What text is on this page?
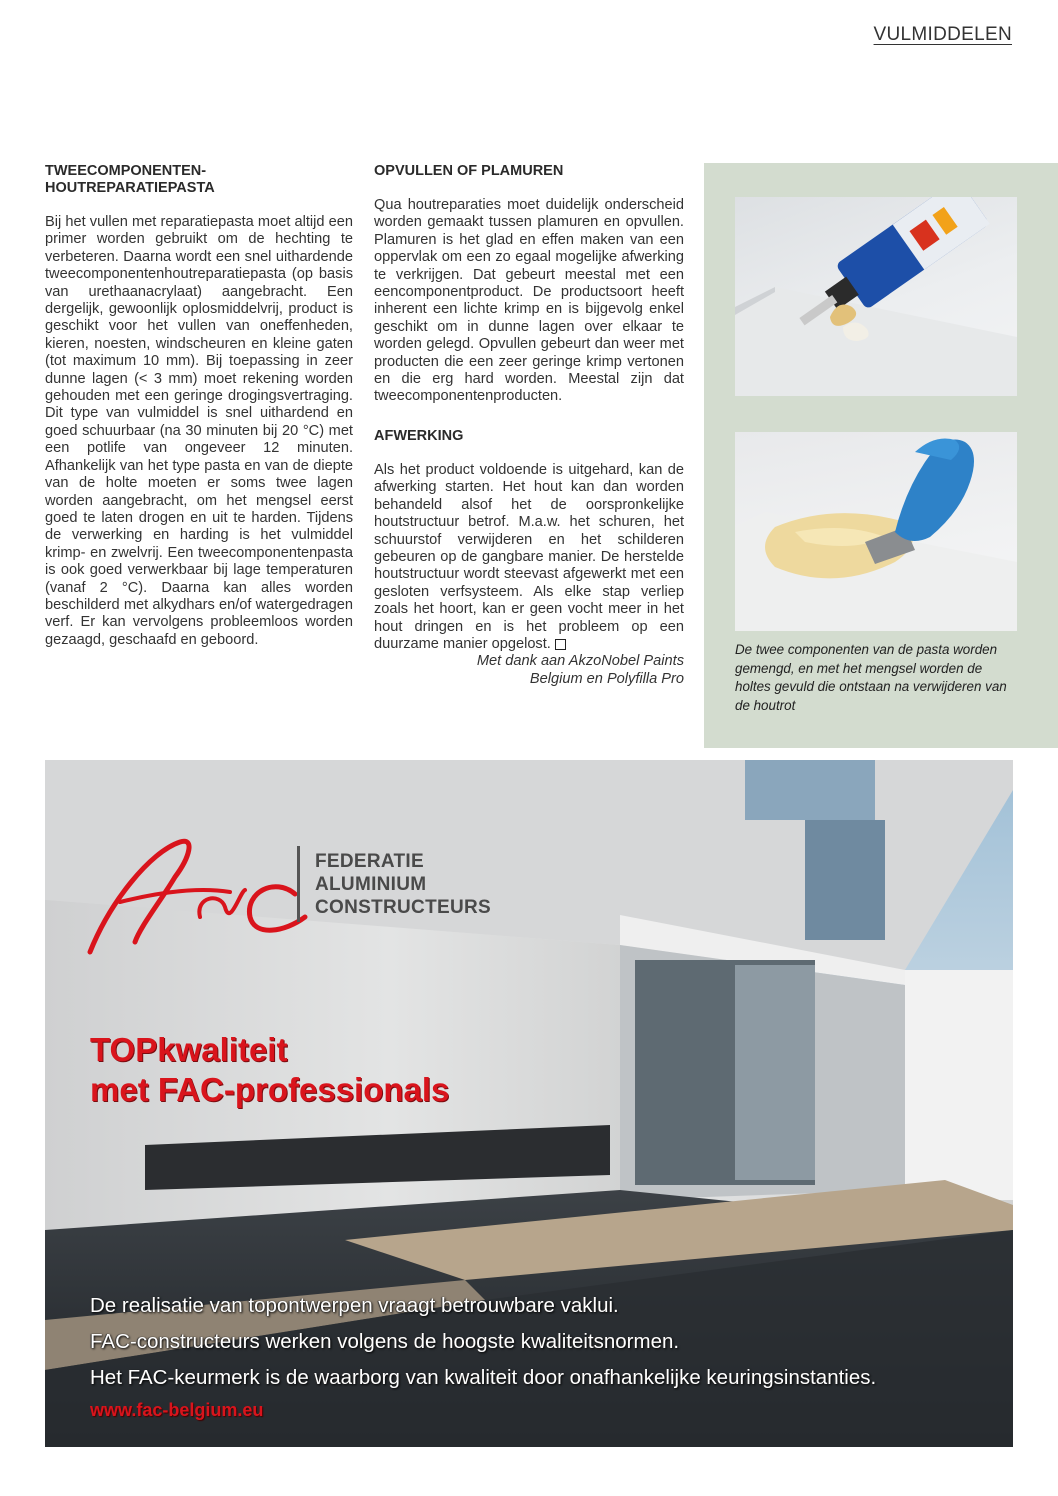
VULMIDDELEN
TWEECOMPONENTEN-
HOUTREPARATIEPASTA

Bij het vullen met reparatiepasta moet altijd een primer worden gebruikt om de hechting te verbeteren. Daarna wordt een snel uithardende tweecomponentenhoutreparatiepasta (op basis van urethaanacrylaat) aangebracht. Een dergelijk, gewoonlijk oplosmiddelvrij, product is geschikt voor het vullen van oneffenheden, kieren, noesten, windscheuren en kleine gaten (tot maximum 10 mm). Bij toepassing in zeer dunne lagen (< 3 mm) moet rekening worden gehouden met een geringe drogingsvertraging. Dit type van vulmiddel is snel uithardend en goed schuurbaar (na 30 minuten bij 20 °C) met een potlife van ongeveer 12 minuten. Afhankelijk van het type pasta en van de diepte van de holte moeten er soms twee lagen worden aangebracht, om het mengsel eerst goed te laten drogen en uit te harden. Tijdens de verwerking en harding is het vulmiddel krimp- en zwelvrij. Een tweecomponentenpasta is ook goed verwerkbaar bij lage temperaturen (vanaf 2 °C). Daarna kan alles worden beschilderd met alkydhars en/of watergedragen verf. Er kan vervolgens probleemloos worden gezaagd, geschaafd en geboord.

OPVULLEN OF PLAMUREN

Qua houtreparaties moet duidelijk onderscheid worden gemaakt tussen plamuren en opvullen. Plamuren is het glad en effen maken van een oppervlak om een zo egaal mogelijke afwerking te verkrijgen. Dat gebeurt meestal met een eencomponentproduct. De productsoort heeft inherent een lichte krimp en is bijgevolg enkel geschikt om in dunne lagen over elkaar te worden gelegd. Opvullen gebeurt dan weer met producten die een zeer geringe krimp vertonen en die erg hard worden. Meestal zijn dat tweecomponentenproducten.

AFWERKING

Als het product voldoende is uitgehard, kan de afwerking starten. Het hout kan dan worden behandeld alsof het de oorspronkelijke houtstructuur betrof. M.a.w. het schuren, het schuurstof verwijderen en het schilderen gebeuren op de gangbare manier. De herstelde houtstructuur wordt steevast afgewerkt met een gesloten verfsysteem. Als elke stap verliep zoals het hoort, kan er geen vocht meer in het hout dringen en is het probleem op een duurzame manier opgelost.

Met dank aan AkzoNobel Paints
Belgium en Polyfilla Pro
De twee componenten van de pasta worden gemengd, en met het mengsel worden de holtes gevuld die ontstaan na verwijderen van de houtrot
FEDERATIE
ALUMINIUM
CONSTRUCTEURS
TOPkwaliteit
met FAC-professionals
De realisatie van topontwerpen vraagt betrouwbare vaklui.
FAC-constructeurs werken volgens de hoogste kwaliteitsnormen.
Het FAC-keurmerk is de waarborg van kwaliteit door onafhankelijke keuringsinstanties.
www.fac-belgium.eu
